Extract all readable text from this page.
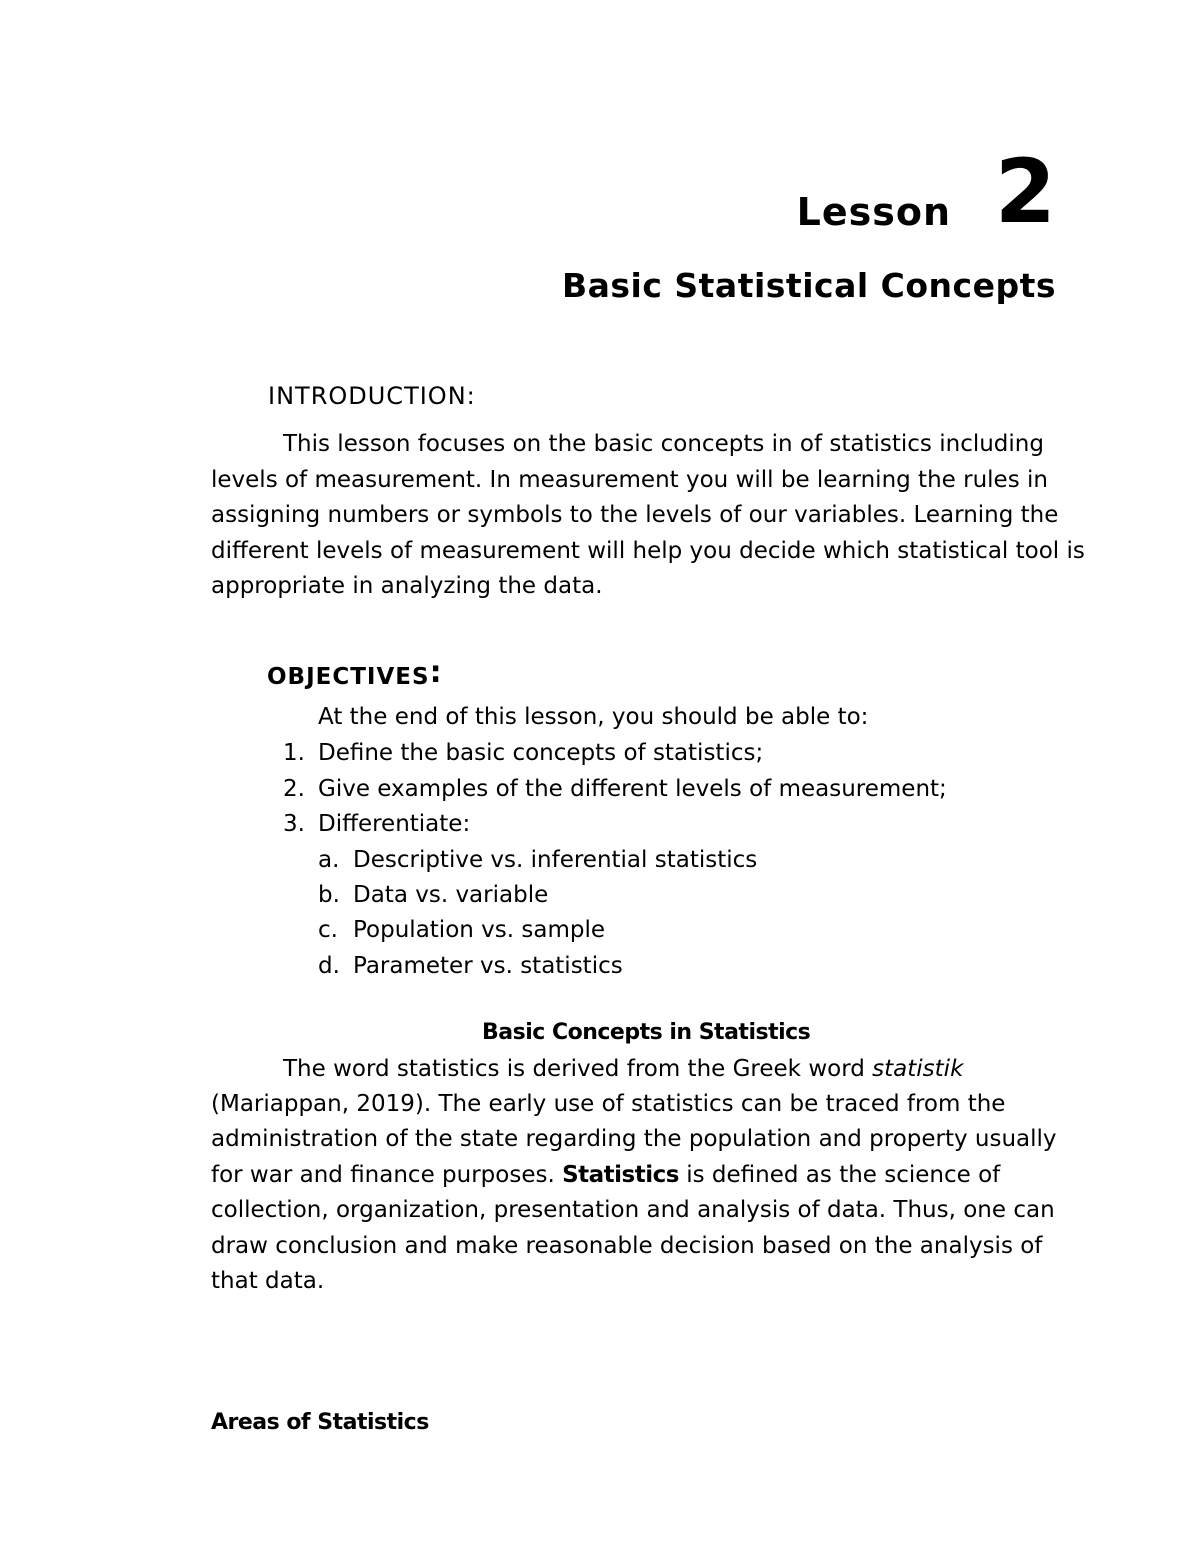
Lesson 2
Basic Statistical Concepts
INTRODUCTION:
This lesson focuses on the basic concepts in of statistics including
levels of measurement. In measurement you will be learning the rules in
assigning numbers or symbols to the levels of our variables. Learning the
different levels of measurement will help you decide which statistical tool is
appropriate in analyzing the data.
OBJECTIVES:
At the end of this lesson, you should be able to:
1. Define the basic concepts of statistics;
2. Give examples of the different levels of measurement;
3. Differentiate:
a. Descriptive vs. inferential statistics
b. Data vs. variable
c. Population vs. sample
d. Parameter vs. statistics
Basic Concepts in Statistics
The word statistics is derived from the Greek word statistik
(Mariappan, 2019). The early use of statistics can be traced from the
administration of the state regarding the population and property usually
for war and finance purposes. Statistics is defined as the science of
collection, organization, presentation and analysis of data. Thus, one can
draw conclusion and make reasonable decision based on the analysis of
that data.
Areas of Statistics
